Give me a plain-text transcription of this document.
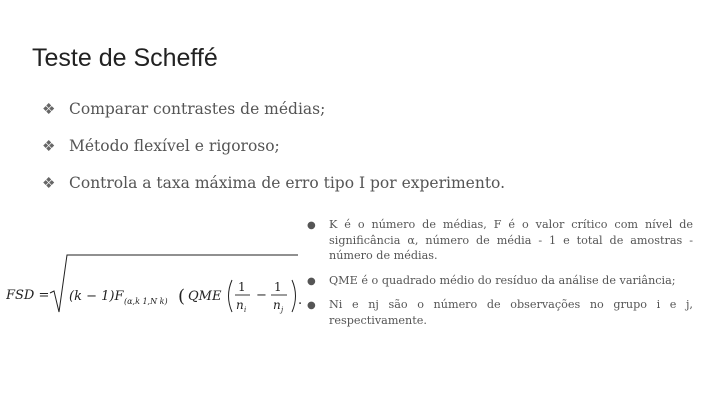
Teste de Scheffé
❖ Comparar contrastes de médias;
❖ Método flexível e rigoroso;
❖ Controla a taxa máxima de erro tipo I por experimento.
FSD = (k − 1)F (α,k 1,N k) ( QME
1
n i
−
1
n j
.
● K é o número de médias, F é o valor crítico com nível de significância α, número de média - 1 e total de amostras - número de médias.
● QME é o quadrado médio do resíduo da análise de variância;
● Ni e nj são o número de observações no grupo i e j, respectivamente.
